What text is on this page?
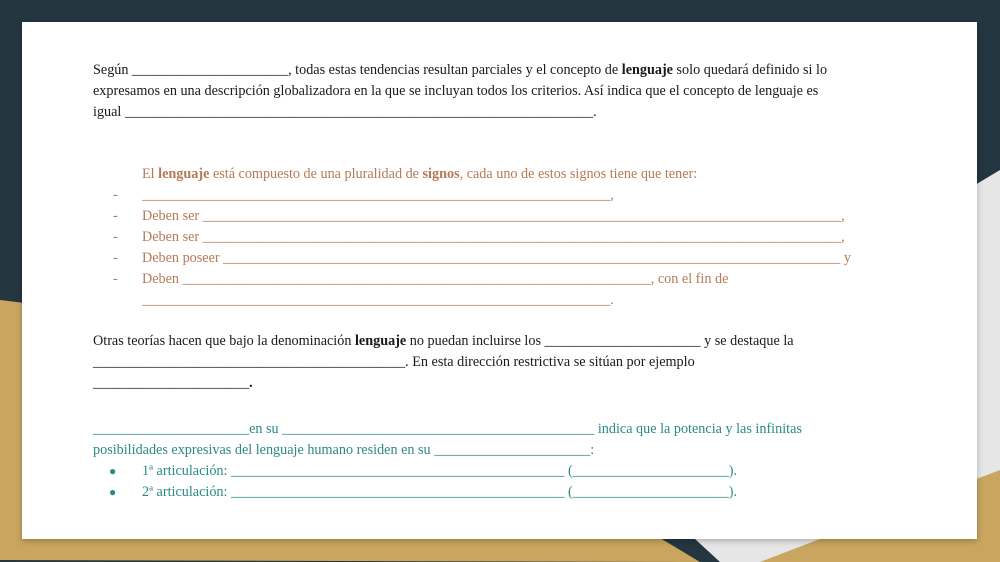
Según ______________________, todas estas tendencias resultan parciales y el concepto de lenguaje solo quedará definido si lo
expresamos en una descripción globalizadora en la que se incluyan todos los criterios. Así indica que el concepto de lenguaje es
igual __________________________________________________________________.
El lenguaje está compuesto de una pluralidad de signos, cada uno de estos signos tiene que tener:
- __________________________________________________________________,
- Deben ser __________________________________________________________________________________________,
- Deben ser __________________________________________________________________________________________,
- Deben poseer _______________________________________________________________________________________ y
- Deben __________________________________________________________________, con el fin de
__________________________________________________________________.
Otras teorías hacen que bajo la denominación lenguaje no puedan incluirse los ______________________ y se destaque la
____________________________________________. En esta dirección restrictiva se sitúan por ejemplo
______________________.
______________________en su ____________________________________________ indica que la potencia y las infinitas
posibilidades expresivas del lenguaje humano residen en su ______________________:
● 1ª articulación: _______________________________________________ (______________________).
● 2ª articulación: _______________________________________________ (______________________).
